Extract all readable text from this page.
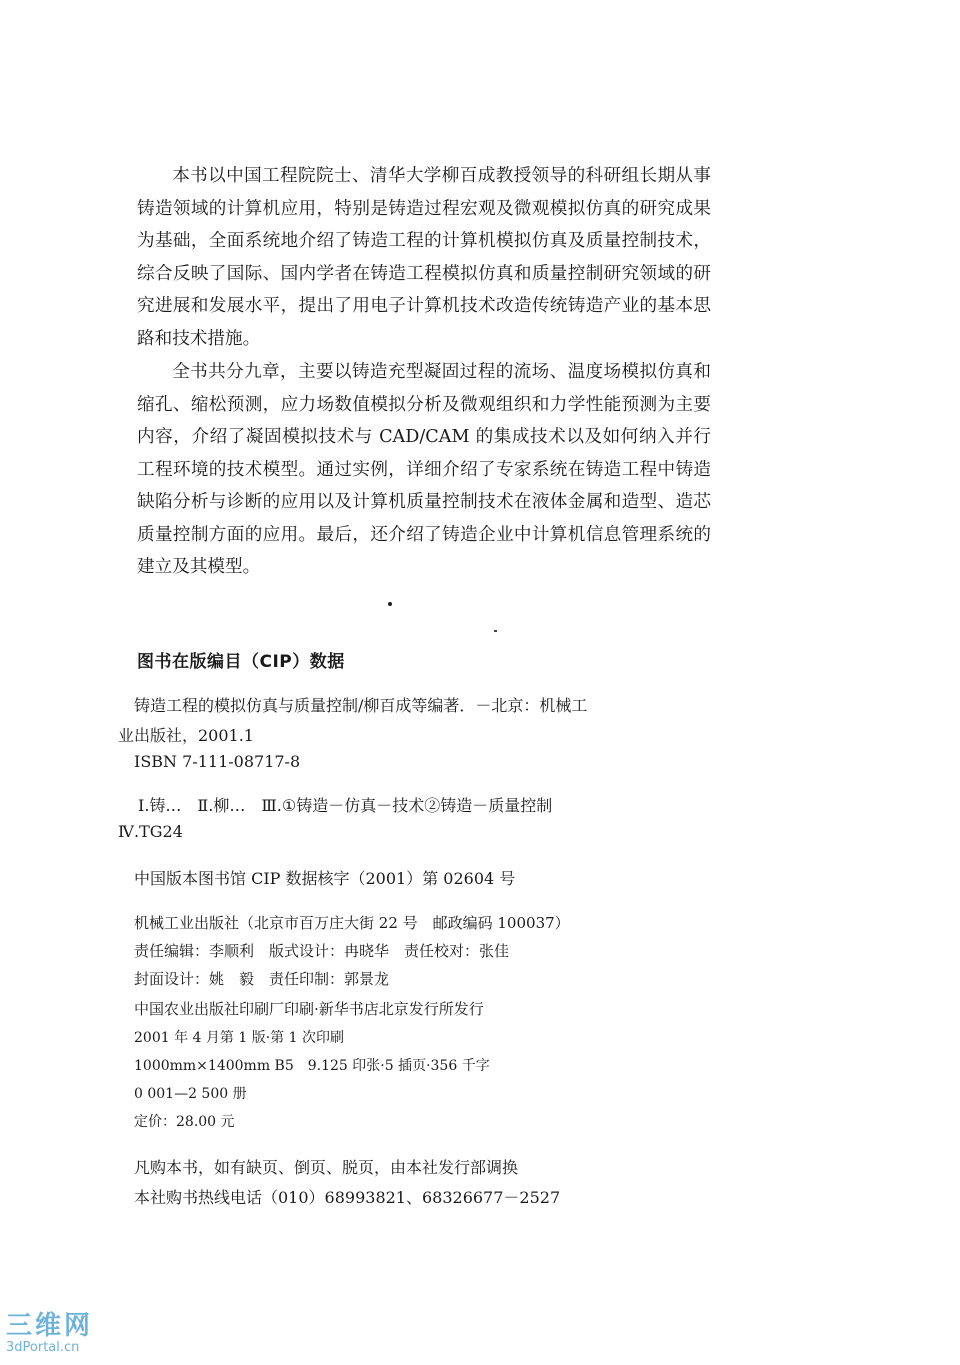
本书以中国工程院院士、清华大学柳百成教授领导的科研组长期从事铸造领域的计算机应用，特别是铸造过程宏观及微观模拟仿真的研究成果为基础，全面系统地介绍了铸造工程的计算机模拟仿真及质量控制技术，综合反映了国际、国内学者在铸造工程模拟仿真和质量控制研究领域的研究进展和发展水平，提出了用电子计算机技术改造传统铸造产业的基本思路和技术措施。

全书共分九章，主要以铸造充型凝固过程的流场、温度场模拟仿真和缩孔、缩松预测，应力场数值模拟分析及微观组织和力学性能预测为主要内容，介绍了凝固模拟技术与 CAD/CAM 的集成技术以及如何纳入并行工程环境的技术模型。通过实例，详细介绍了专家系统在铸造工程中铸造缺陷分析与诊断的应用以及计算机质量控制技术在液体金属和造型、造芯质量控制方面的应用。最后，还介绍了铸造企业中计算机信息管理系统的建立及其模型。

图书在版编目（CIP）数据
铸造工程的模拟仿真与质量控制/柳百成等编著．－北京：机械工
业出版社，2001.1
ISBN 7-111-08717-8
Ⅰ.铸…　Ⅱ.柳…　Ⅲ.①铸造－仿真－技术②铸造－质量控制
Ⅳ.TG24
中国版本图书馆 CIP 数据核字（2001）第 02604 号
机械工业出版社（北京市百万庄大街 22 号　邮政编码 100037）
责任编辑：李顺利　版式设计：冉晓华　责任校对：张佳
封面设计：姚　毅　责任印制：郭景龙
中国农业出版社印刷厂印刷·新华书店北京发行所发行
2001 年 4 月第 1 版·第 1 次印刷
1000mm×1400mm B5　9.125 印张·5 插页·356 千字
0 001—2 500 册
定价：28.00 元
凡购本书，如有缺页、倒页、脱页，由本社发行部调换
本社购书热线电话（010）68993821、68326677－2527
三维网
3dPortal.cn
